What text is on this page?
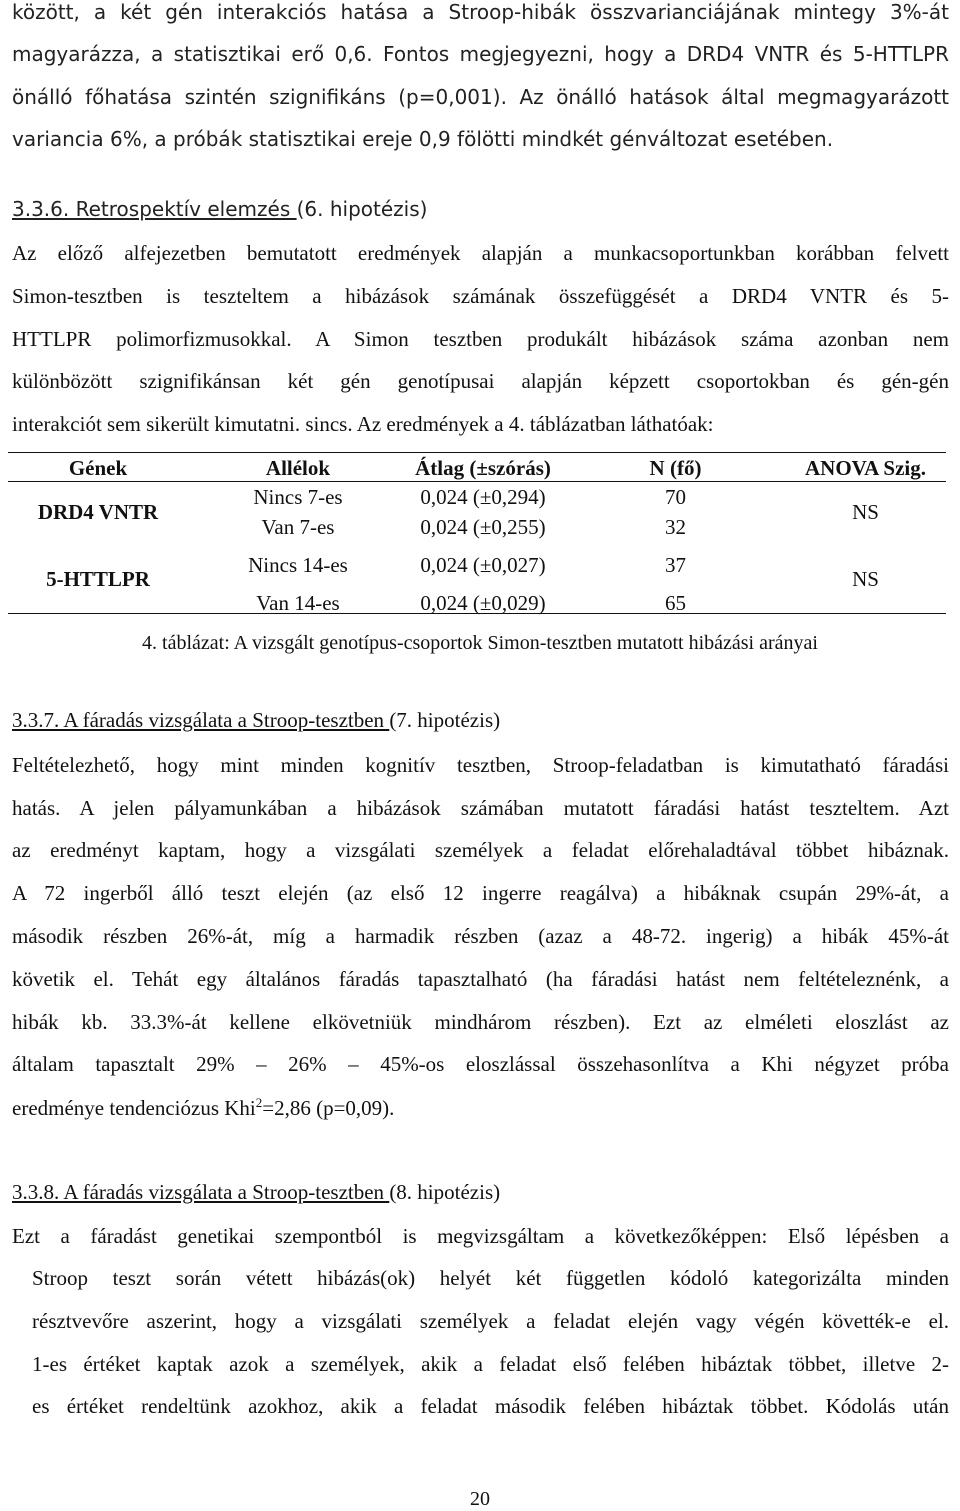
között, a két gén interakciós hatása a Stroop-hibák összvarianciájának mintegy 3%-át
magyarázza, a statisztikai erő 0,6. Fontos megjegyezni, hogy a DRD4 VNTR és 5-HTTLPR
önálló főhatása szintén szignifikáns (p=0,001). Az önálló hatások által megmagyarázott
variancia 6%, a próbák statisztikai ereje 0,9 fölötti mindkét génváltozat esetében.
3.3.6. Retrospektív elemzés (6. hipotézis)
Az előző alfejezetben bemutatott eredmények alapján a munkacsoportunkban korábban felvett
Simon-tesztben is teszteltem a hibázások számának összefüggését a DRD4 VNTR és 5-
HTTLPR polimorfizmusokkal. A Simon tesztben produkált hibázások száma azonban nem
különbözött szignifikánsan két gén genotípusai alapján képzett csoportokban és gén-gén
interakciót sem sikerült kimutatni. sincs. Az eredmények a 4. táblázatban láthatóak:
Gének	Allélok	Átlag (±szórás)	N (fő)	ANOVA Szig.
DRD4 VNTR
Nincs 7-es	0,024 (±0,294)	70
Van 7-es	0,024 (±0,255)	32
NS
5-HTTLPR
Nincs 14-es	0,024 (±0,027)	37
Van 14-es	0,024 (±0,029)	65
NS
4. táblázat: A vizsgált genotípus-csoportok Simon-tesztben mutatott hibázási arányai
3.3.7. A fáradás vizsgálata a Stroop-tesztben (7. hipotézis)
Feltételezhető, hogy mint minden kognitív tesztben, Stroop-feladatban is kimutatható fáradási
hatás. A jelen pályamunkában a hibázások számában mutatott fáradási hatást teszteltem. Azt
az eredményt kaptam, hogy a vizsgálati személyek a feladat előrehaladtával többet hibáznak.
A 72 ingerből álló teszt elején (az első 12 ingerre reagálva) a hibáknak csupán 29%-át, a
második részben 26%-át, míg a harmadik részben (azaz a 48-72. ingerig) a hibák 45%-át
követik el. Tehát egy általános fáradás tapasztalható (ha fáradási hatást nem feltételeznénk, a
hibák kb. 33.3%-át kellene elkövetniük mindhárom részben). Ezt az elméleti eloszlást az
általam tapasztalt 29% – 26% – 45%-os eloszlással összehasonlítva a Khi négyzet próba
eredménye tendenciózus Khi$^2$=2,86 (p=0,09).
3.3.8. A fáradás vizsgálata a Stroop-tesztben (8. hipotézis)
Ezt a fáradást genetikai szempontból is megvizsgáltam a következőképpen: Első lépésben a
Stroop teszt során vétett hibázás(ok) helyét két független kódoló kategorizálta minden
résztvevőre aszerint, hogy a vizsgálati személyek a feladat elején vagy végén követték-e el.
1-es értéket kaptak azok a személyek, akik a feladat első felében hibáztak többet, illetve 2-
es értéket rendeltünk azokhoz, akik a feladat második felében hibáztak többet. Kódolás után
20
